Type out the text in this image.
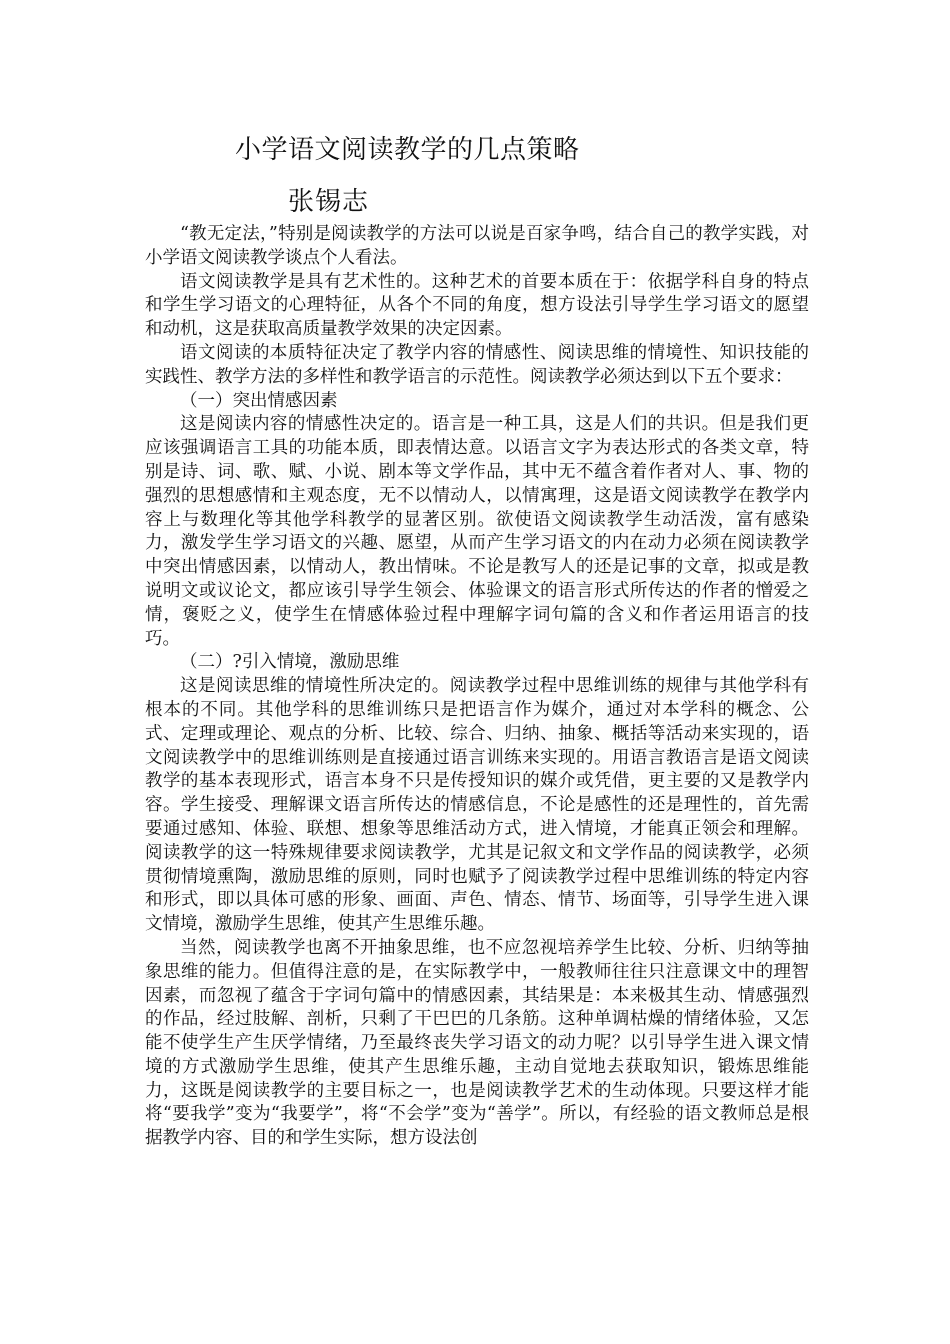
小学语文阅读教学的几点策略
张锡志

“教无定法，”特别是阅读教学的方法可以说是百家争鸣，结合自己的教学实践，对小学语文阅读教学谈点个人看法。

语文阅读教学是具有艺术性的。这种艺术的首要本质在于：依据学科自身的特点和学生学习语文的心理特征，从各个不同的角度，想方设法引导学生学习语文的愿望和动机，这是获取高质量教学效果的决定因素。

语文阅读的本质特征决定了教学内容的情感性、阅读思维的情境性、知识技能的实践性、教学方法的多样性和教学语言的示范性。阅读教学必须达到以下五个要求：

（一）突出情感因素

这是阅读内容的情感性决定的。语言是一种工具，这是人们的共识。但是我们更应该强调语言工具的功能本质，即表情达意。以语言文字为表达形式的各类文章，特别是诗、词、歌、赋、小说、剧本等文学作品，其中无不蕴含着作者对人、事、物的强烈的思想感情和主观态度，无不以情动人，以情寓理，这是语文阅读教学在教学内容上与数理化等其他学科教学的显著区别。欲使语文阅读教学生动活泼，富有感染力，激发学生学习语文的兴趣、愿望，从而产生学习语文的内在动力必须在阅读教学中突出情感因素，以情动人，教出情味。不论是教写人的还是记事的文章，拟或是教说明文或议论文，都应该引导学生领会、体验课文的语言形式所传达的作者的憎爱之情，褒贬之义，使学生在情感体验过程中理解字词句篇的含义和作者运用语言的技巧。

（二）?引入情境，激励思维

这是阅读思维的情境性所决定的。阅读教学过程中思维训练的规律与其他学科有根本的不同。其他学科的思维训练只是把语言作为媒介，通过对本学科的概念、公式、定理或理论、观点的分析、比较、综合、归纳、抽象、概括等活动来实现的，语文阅读教学中的思维训练则是直接通过语言训练来实现的。用语言教语言是语文阅读教学的基本表现形式，语言本身不只是传授知识的媒介或凭借，更主要的又是教学内容。学生接受、理解课文语言所传达的情感信息，不论是感性的还是理性的，首先需要通过感知、体验、联想、想象等思维活动方式，进入情境，才能真正领会和理解。阅读教学的这一特殊规律要求阅读教学，尤其是记叙文和文学作品的阅读教学，必须贯彻情境熏陶，激励思维的原则，同时也赋予了阅读教学过程中思维训练的特定内容和形式，即以具体可感的形象、画面、声色、情态、情节、场面等，引导学生进入课文情境，激励学生思维，使其产生思维乐趣。

当然，阅读教学也离不开抽象思维，也不应忽视培养学生比较、分析、归纳等抽象思维的能力。但值得注意的是，在实际教学中，一般教师往往只注意课文中的理智因素，而忽视了蕴含于字词句篇中的情感因素，其结果是：本来极其生动、情感强烈的作品，经过肢解、剖析，只剩了干巴巴的几条筋。这种单调枯燥的情绪体验，又怎能不使学生产生厌学情绪，乃至最终丧失学习语文的动力呢？以引导学生进入课文情境的方式激励学生思维，使其产生思维乐趣，主动自觉地去获取知识，锻炼思维能力，这既是阅读教学的主要目标之一，也是阅读教学艺术的生动体现。只要这样才能将“要我学”变为“我要学”，将“不会学”变为“善学”。所以，有经验的语文教师总是根据教学内容、目的和学生实际，想方设法创
